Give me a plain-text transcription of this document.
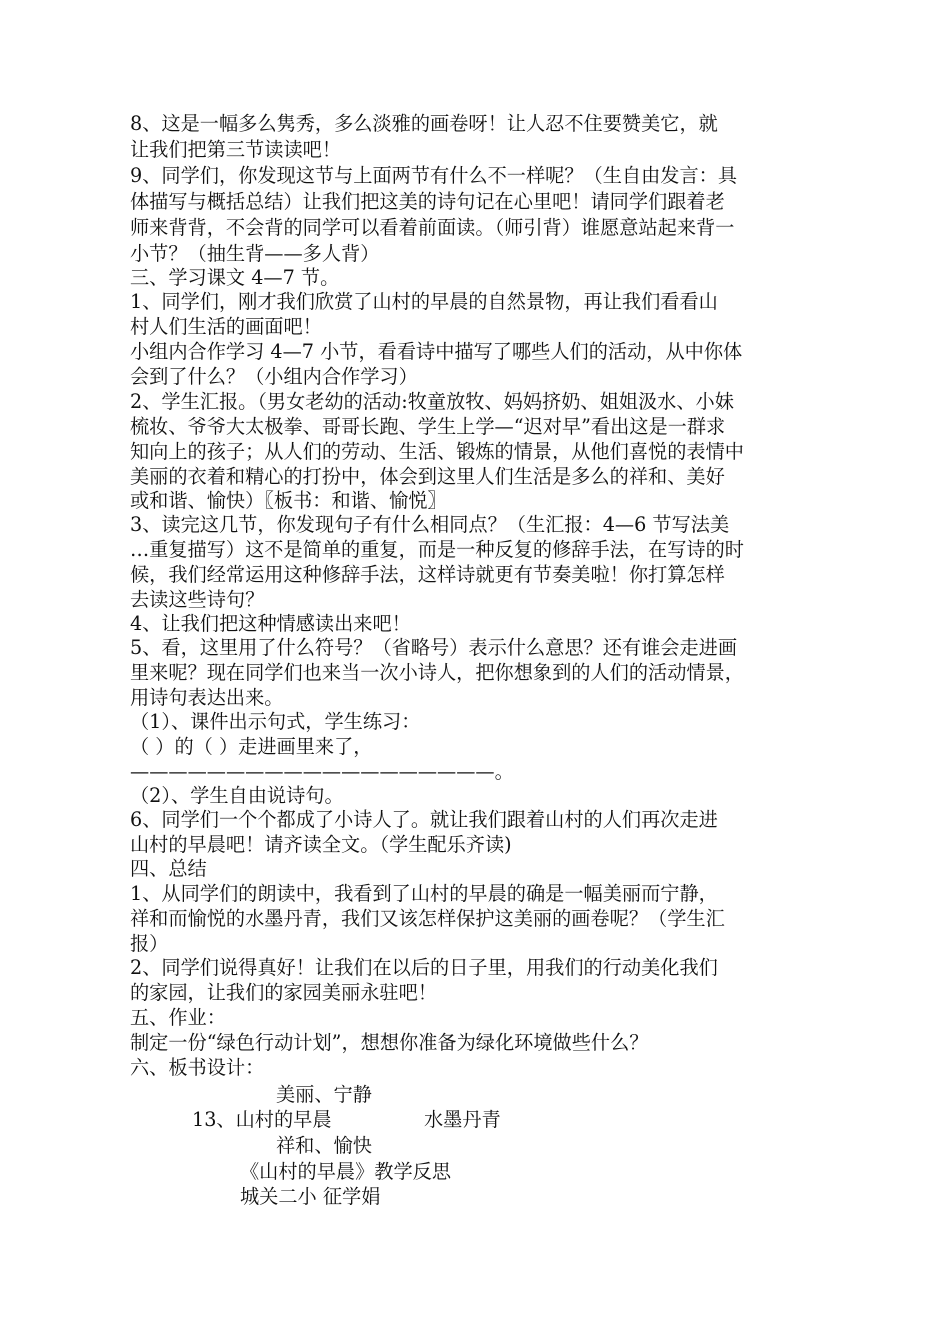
8、这是一幅多么隽秀，多么淡雅的画卷呀！让人忍不住要赞美它，就
让我们把第三节读读吧！
9、同学们，你发现这节与上面两节有什么不一样呢？（生自由发言：具
体描写与概括总结）让我们把这美的诗句记在心里吧！请同学们跟着老
师来背背，不会背的同学可以看着前面读。（师引背）谁愿意站起来背一
小节？（抽生背——多人背）
三、学习课文 4—7 节。
1、同学们，刚才我们欣赏了山村的早晨的自然景物，再让我们看看山
村人们生活的画面吧！
小组内合作学习 4—7 小节，看看诗中描写了哪些人们的活动，从中你体
会到了什么？（小组内合作学习）
2、学生汇报。（男女老幼的活动:牧童放牧、妈妈挤奶、姐姐汲水、小妹
梳妆、爷爷大太极拳、哥哥长跑、学生上学—“迟对早”看出这是一群求
知向上的孩子；从人们的劳动、生活、锻炼的情景，从他们喜悦的表情中
美丽的衣着和精心的打扮中，体会到这里人们生活是多么的祥和、美好
或和谐、愉快）〖板书：和谐、愉悦〗
3、读完这几节，你发现句子有什么相同点？（生汇报：4—6 节写法美
…重复描写）这不是简单的重复，而是一种反复的修辞手法，在写诗的时
候，我们经常运用这种修辞手法，这样诗就更有节奏美啦！你打算怎样
去读这些诗句？
4、让我们把这种情感读出来吧！
5、看，这里用了什么符号？（省略号）表示什么意思？还有谁会走进画
里来呢？现在同学们也来当一次小诗人，把你想象到的人们的活动情景，
用诗句表达出来。
（1）、课件出示句式，学生练习：
（ ）的（ ）走进画里来了，
———————————————————。
（2）、学生自由说诗句。
6、同学们一个个都成了小诗人了。就让我们跟着山村的人们再次走进
山村的早晨吧！请齐读全文。（学生配乐齐读)
四、总结
1、从同学们的朗读中，我看到了山村的早晨的确是一幅美丽而宁静，
祥和而愉悦的水墨丹青，我们又该怎样保护这美丽的画卷呢？（学生汇
报）
2、同学们说得真好！让我们在以后的日子里，用我们的行动美化我们
的家园，让我们的家园美丽永驻吧！
五、作业：
制定一份“绿色行动计划”，想想你准备为绿化环境做些什么？
六、板书设计：
美丽、宁静
13、山村的早晨	水墨丹青
祥和、愉快
《山村的早晨》教学反思
城关二小 征学娟
